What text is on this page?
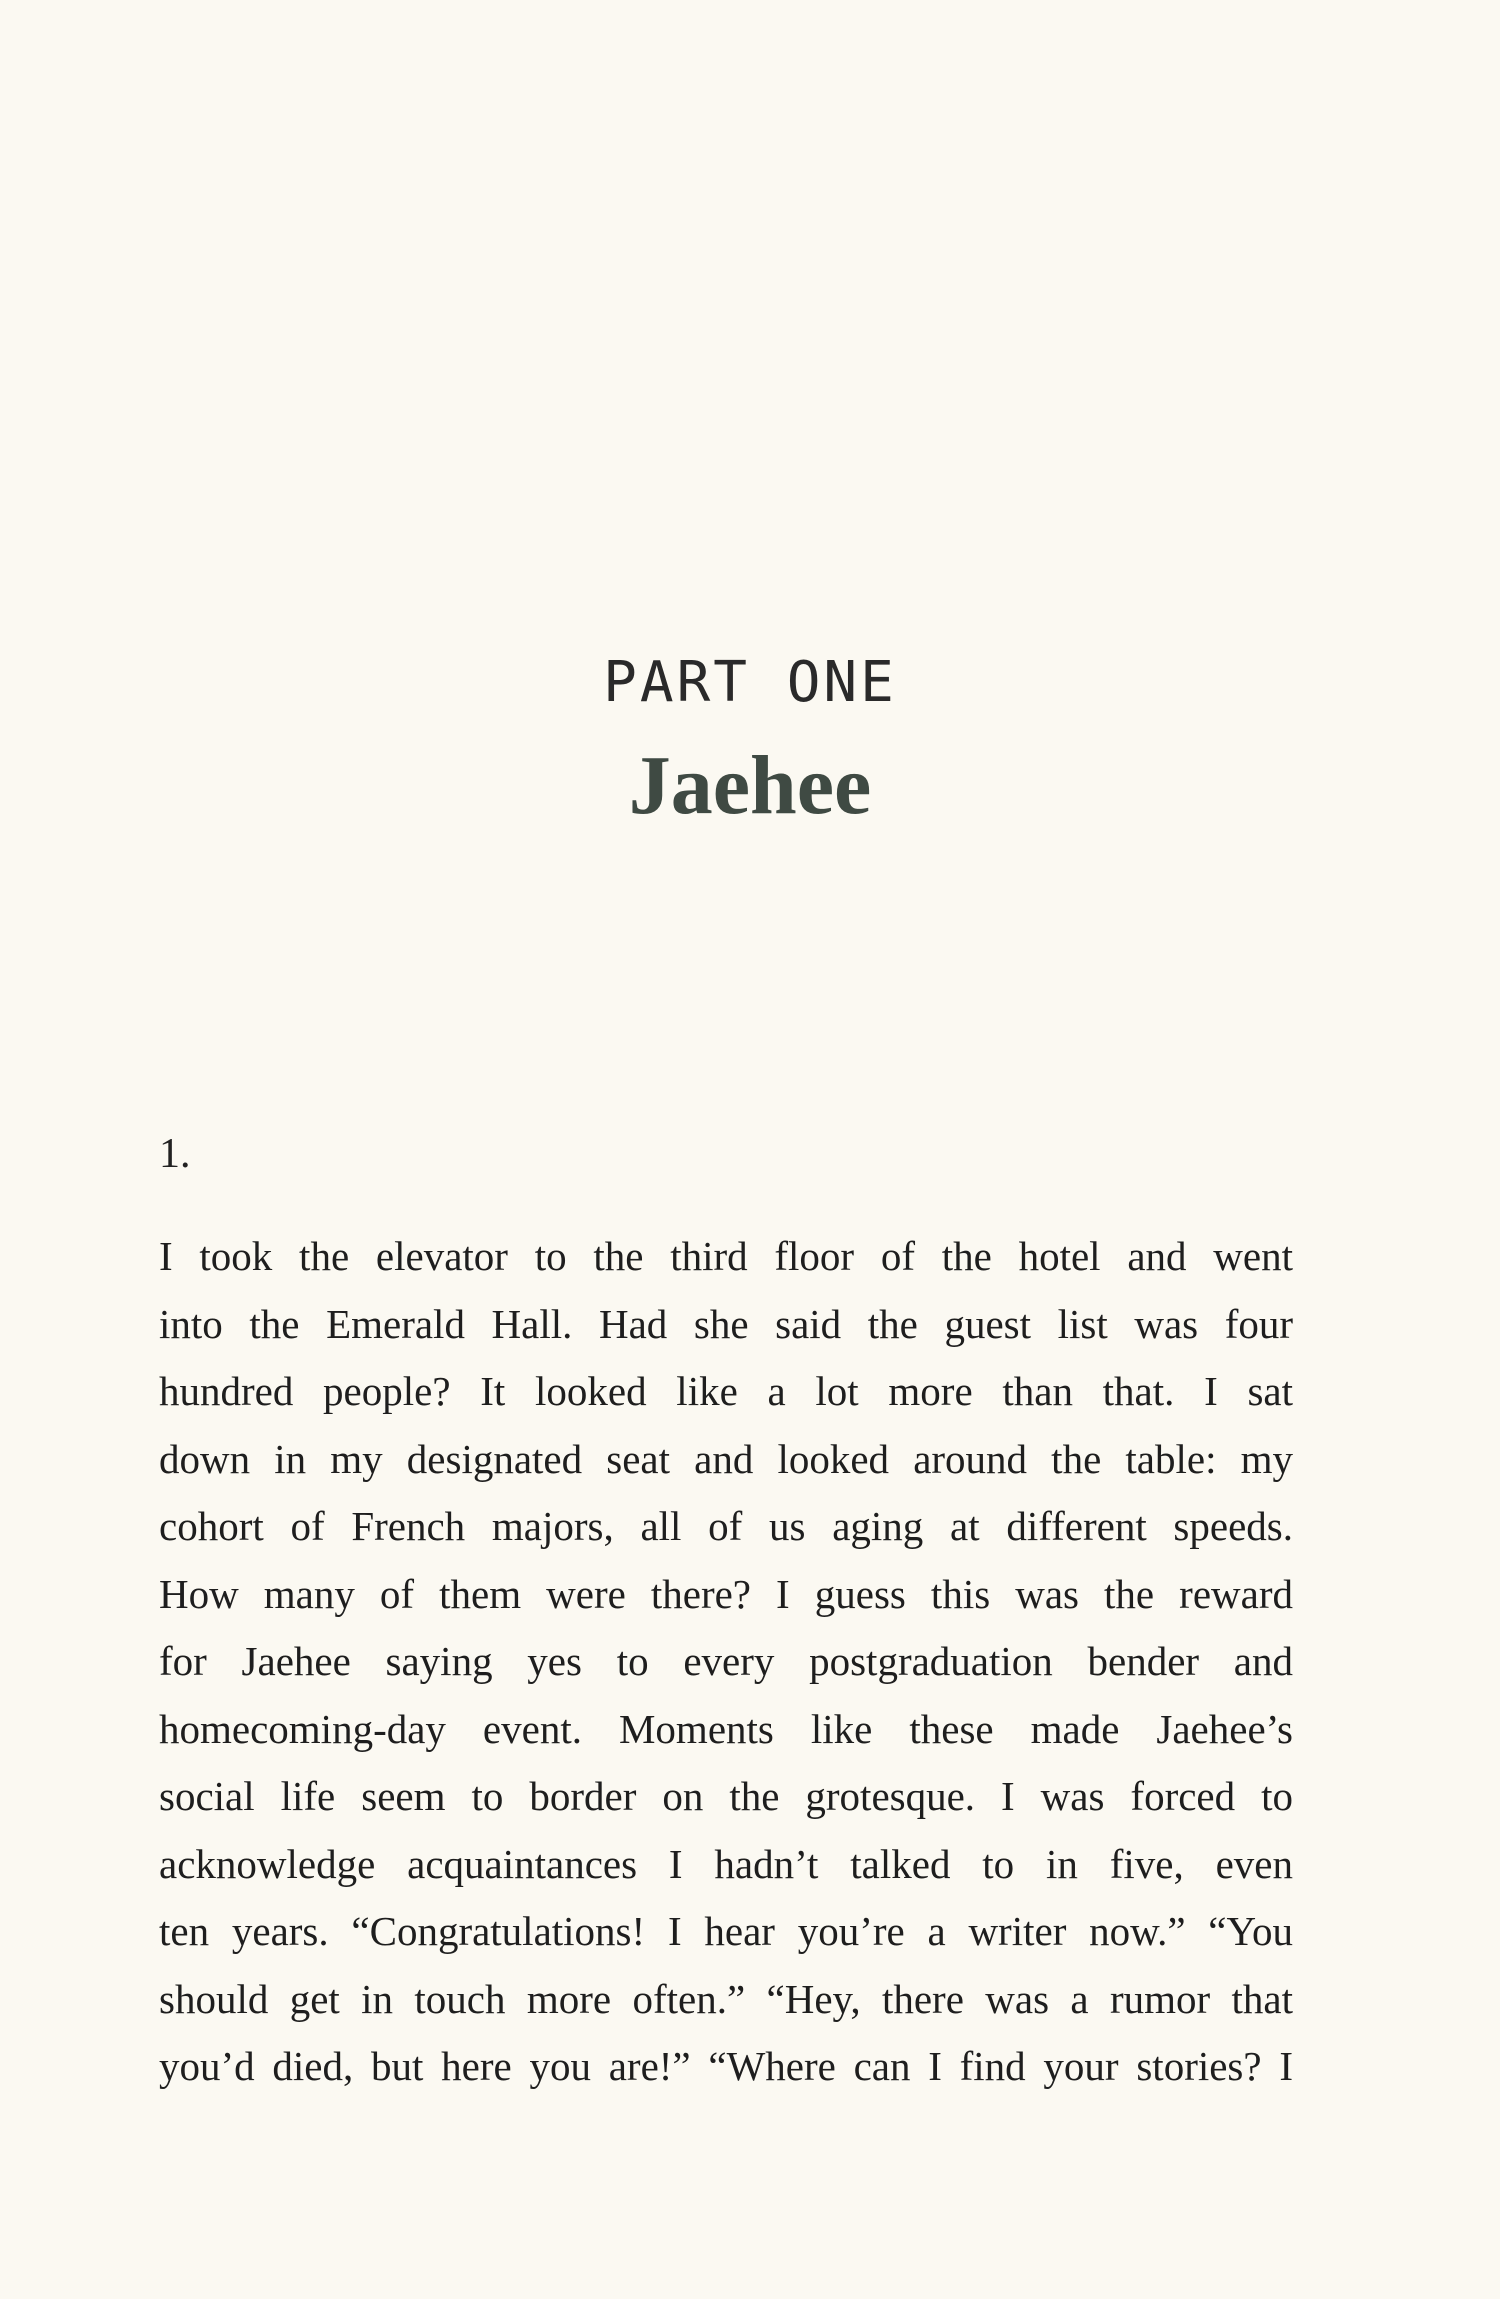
PART ONE
Jaehee
1.
I took the elevator to the third floor of the hotel and went
into the Emerald Hall. Had she said the guest list was four
hundred people? It looked like a lot more than that. I sat
down in my designated seat and looked around the table: my
cohort of French majors, all of us aging at different speeds.
How many of them were there? I guess this was the reward
for Jaehee saying yes to every postgraduation bender and
homecoming-day event. Moments like these made Jaehee’s
social life seem to border on the grotesque. I was forced to
acknowledge acquaintances I hadn’t talked to in five, even
ten years. “Congratulations! I hear you’re a writer now.” “You
should get in touch more often.” “Hey, there was a rumor that
you’d died, but here you are!” “Where can I find your stories? I
